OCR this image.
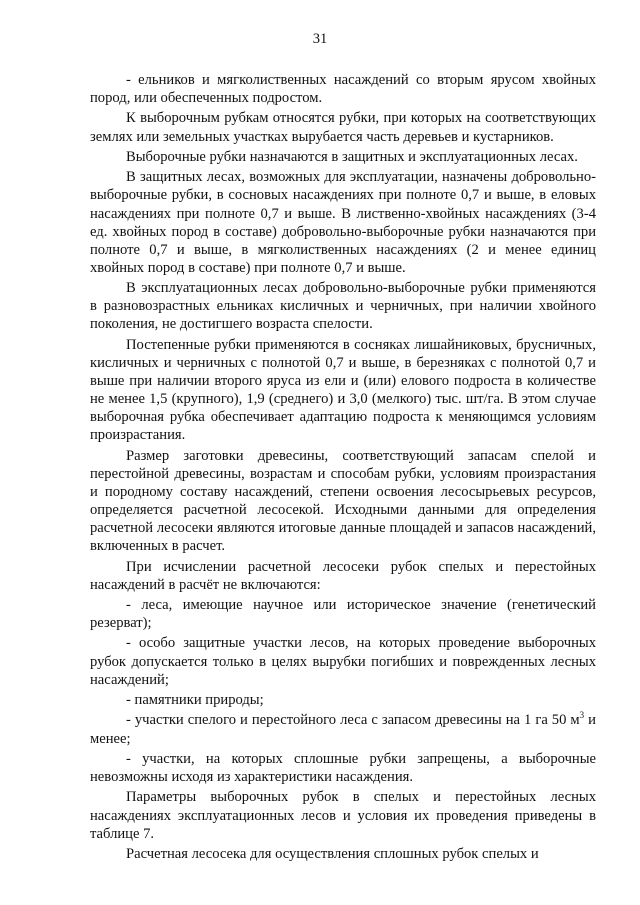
31

- ельников и мягколиственных насаждений со вторым ярусом хвойных пород, или обеспеченных подростом.

К выборочным рубкам относятся рубки, при которых на соответствующих землях или земельных участках вырубается часть деревьев и кустарников.

Выборочные рубки назначаются в защитных и эксплуатационных лесах.

В защитных лесах, возможных для эксплуатации, назначены добровольно-выборочные рубки, в сосновых насаждениях при полноте 0,7 и выше, в еловых насаждениях при полноте 0,7 и выше. В лиственно-хвойных насаждениях (3-4 ед. хвойных пород в составе) добровольно-выборочные рубки назначаются при полноте 0,7 и выше, в мягколиственных насаждениях (2 и менее единиц хвойных пород в составе) при полноте 0,7 и выше.

В эксплуатационных лесах добровольно-выборочные рубки применяются в разновозрастных ельниках кисличных и черничных, при наличии хвойного поколения, не достигшего возраста спелости.

Постепенные рубки применяются в сосняках лишайниковых, брусничных, кисличных и черничных с полнотой 0,7 и выше, в березняках с полнотой 0,7 и выше при наличии второго яруса из ели и (или) елового подроста в количестве не менее 1,5 (крупного), 1,9 (среднего) и 3,0 (мелкого) тыс. шт/га. В этом случае выборочная рубка обеспечивает адаптацию подроста к меняющимся условиям произрастания.

Размер заготовки древесины, соответствующий запасам спелой и перестойной древесины, возрастам и способам рубки, условиям произрастания и породному составу насаждений, степени освоения лесосырьевых ресурсов, определяется расчетной лесосекой. Исходными данными для определения расчетной лесосеки являются итоговые данные площадей и запасов насаждений, включенных в расчет.

При исчислении расчетной лесосеки рубок спелых и перестойных насаждений в расчёт не включаются:

- леса, имеющие научное или историческое значение (генетический резерват);

- особо защитные участки лесов, на которых проведение выборочных рубок допускается только в целях вырубки погибших и поврежденных лесных насаждений;

- памятники природы;

- участки спелого и перестойного леса с запасом древесины на 1 га 50 $м^3$ и менее;

- участки, на которых сплошные рубки запрещены, а выборочные невозможны исходя из характеристики насаждения.

Параметры выборочных рубок в спелых и перестойных лесных насаждениях эксплуатационных лесов и условия их проведения приведены в таблице 7.

Расчетная лесосека для осуществления сплошных рубок спелых и
